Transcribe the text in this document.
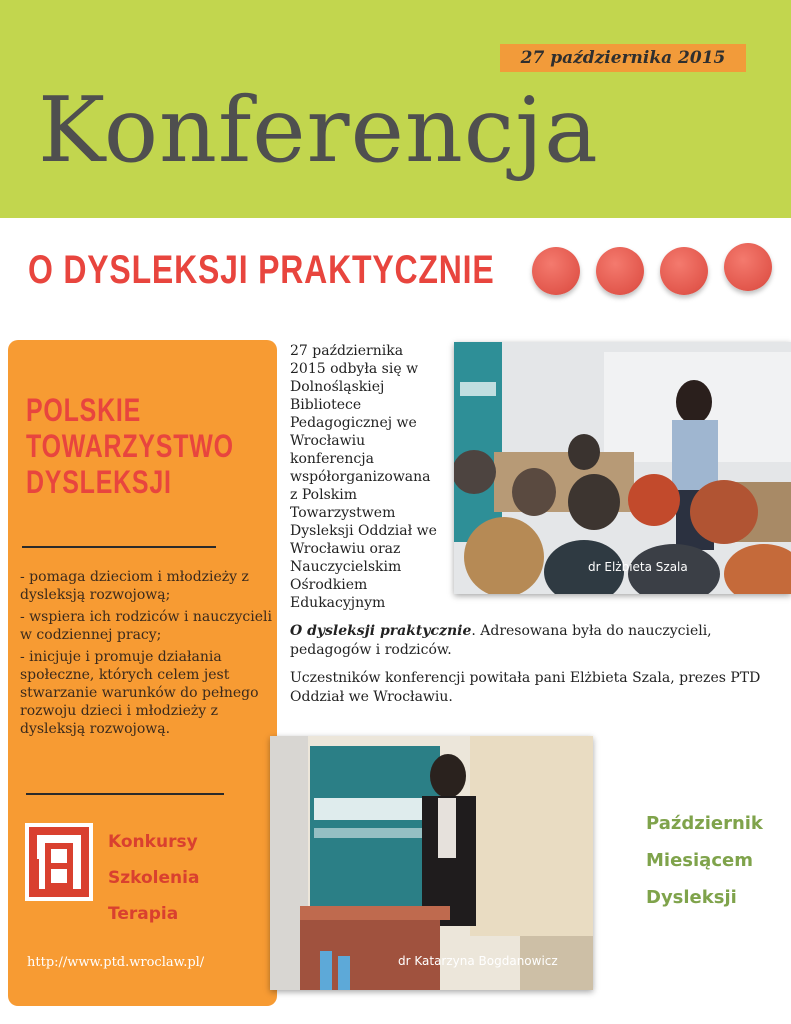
27 października 2015
Konferencja
O DYSLEKSJI PRAKTYCZNIE
POLSKIE
TOWARZYSTWO
DYSLEKSJI

- pomaga dzieciom i młodzieży z dysleksją rozwojową;

- wspiera ich rodziców i nauczycieli w codziennej pracy;

- inicjuje i promuje działania społeczne, których celem jest stwarzanie warunków do pełnego rozwoju dzieci i młodzieży z dysleksją rozwojową.

Konkursy
Szkolenia
Terapia
http://www.ptd.wroclaw.pl/
27 października 2015 odbyła się w Dolnośląskiej Bibliotece Pedagogicznej we Wrocławiu konferencja współorganizowana z Polskim Towarzystwem Dysleksji Oddział we Wrocławiu oraz Nauczycielskim Ośrodkiem Edukacyjnym

O dysleksji praktycznie. Adresowana była do nauczycieli, pedagogów i rodziców.

Uczestników konferencji powitała pani Elżbieta Szala, prezes PTD Oddział we Wrocławiu.

dr Elżbieta Szala
dr Katarzyna Bogdanowicz
Październik
Miesiącem
Dysleksji
